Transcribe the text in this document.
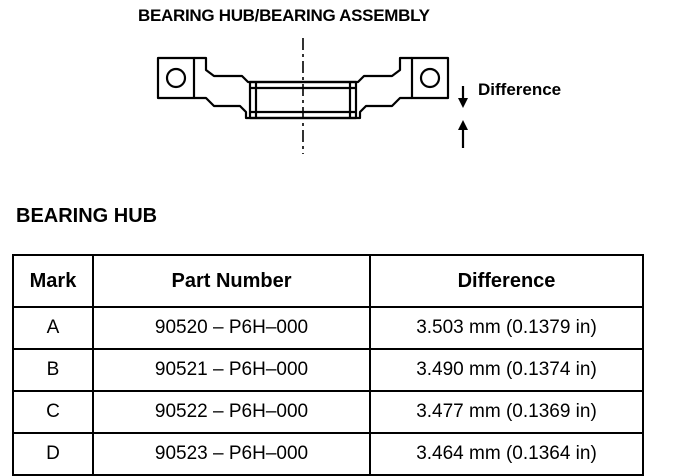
BEARING HUB/BEARING ASSEMBLY
Difference
BEARING HUB
Mark	Part Number	Difference
A	90520 – P6H–000	3.503 mm (0.1379 in)
B	90521 – P6H–000	3.490 mm (0.1374 in)
C	90522 – P6H–000	3.477 mm (0.1369 in)
D	90523 – P6H–000	3.464 mm (0.1364 in)
